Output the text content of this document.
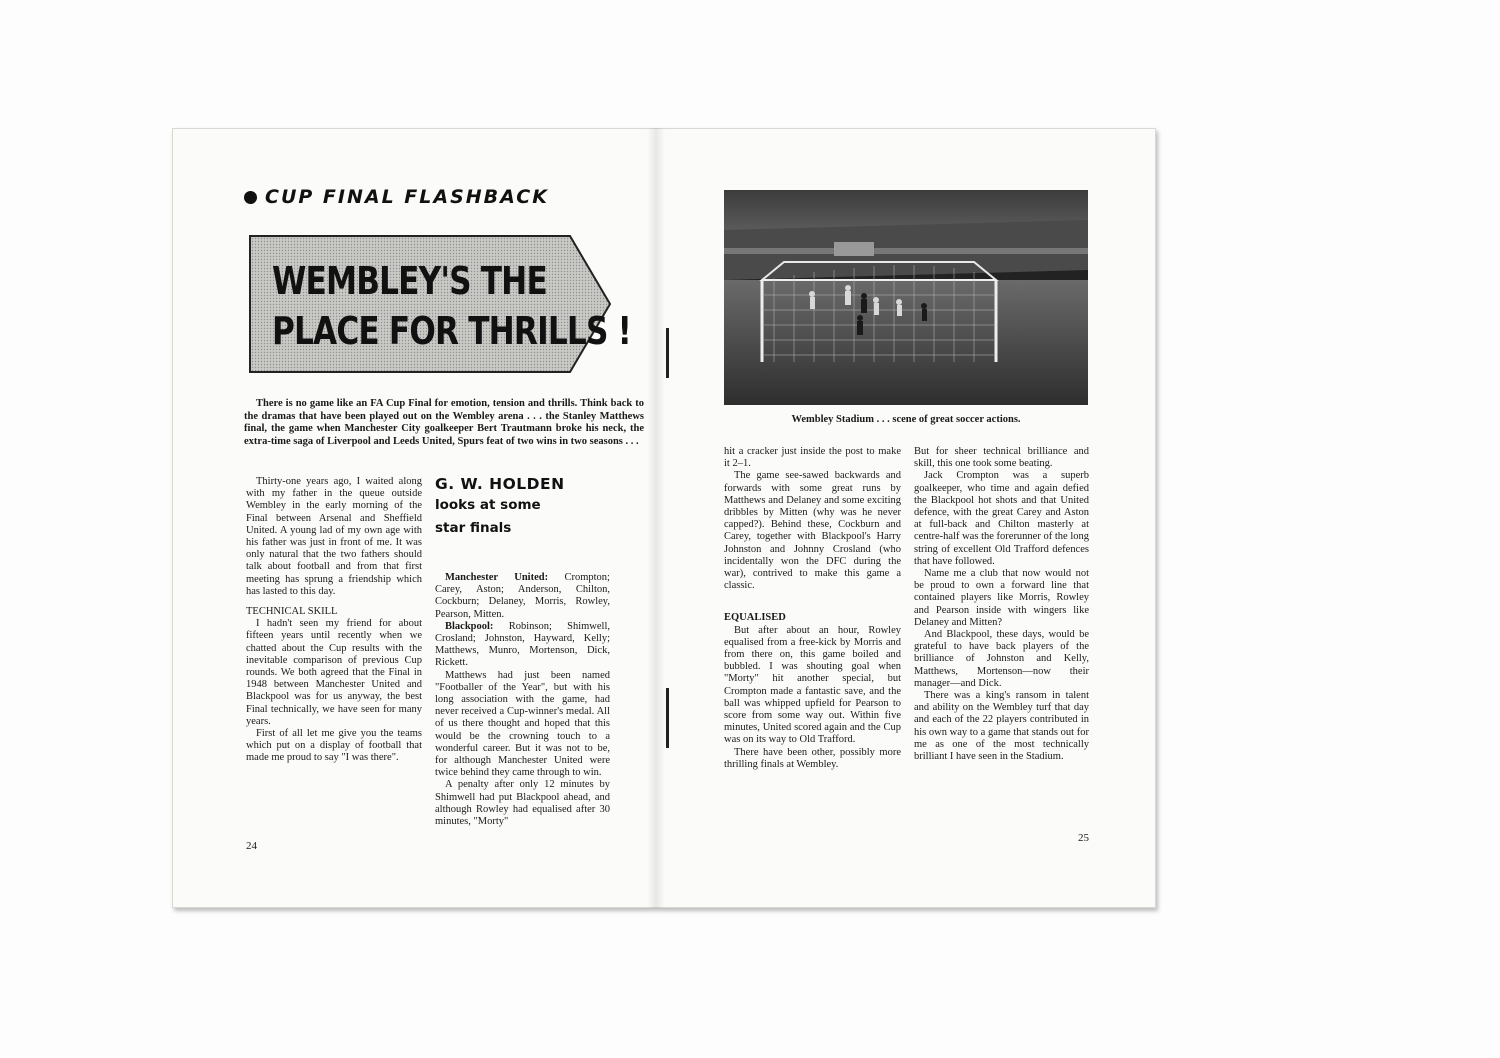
CUP FINAL FLASHBACK
WEMBLEY'S THE
PLACE FOR THRILLS !
There is no game like an FA Cup Final for emotion, tension and thrills. Think back to the dramas that have been played out on the Wembley arena . . . the Stanley Matthews final, the game when Manchester City goalkeeper Bert Trautmann broke his neck, the extra-time saga of Liverpool and Leeds United, Spurs feat of two wins in two seasons . . .
G. W. HOLDEN
looks at some
star finals

Thirty-one years ago, I waited along with my father in the queue outside Wembley in the early morning of the Final between Arsenal and Sheffield United. A young lad of my own age with his father was just in front of me. It was only natural that the two fathers should talk about football and from that first meeting has sprung a friendship which has lasted to this day.

TECHNICAL SKILL

I hadn't seen my friend for about fifteen years until recently when we chatted about the Cup results with the inevitable comparison of previous Cup rounds. We both agreed that the Final in 1948 between Manchester United and Blackpool was for us anyway, the best Final technically, we have seen for many years.

First of all let me give you the teams which put on a display of football that made me proud to say "I was there".

Manchester United: Crompton; Carey, Aston; Anderson, Chilton, Cockburn; Delaney, Morris, Rowley, Pearson, Mitten.

Blackpool: Robinson; Shimwell, Crosland; Johnston, Hayward, Kelly; Matthews, Munro, Mortenson, Dick, Rickett.

Matthews had just been named "Footballer of the Year", but with his long association with the game, had never received a Cup-winner's medal. All of us there thought and hoped that this would be the crowning touch to a wonderful career. But it was not to be, for although Manchester United were twice behind they came through to win.

A penalty after only 12 minutes by Shimwell had put Blackpool ahead, and although Rowley had equalised after 30 minutes, "Morty"

24
Wembley Stadium . . . scene of great soccer actions.

hit a cracker just inside the post to make it 2–1.

The game see-sawed backwards and forwards with some great runs by Matthews and Delaney and some exciting dribbles by Mitten (why was he never capped?). Behind these, Cockburn and Carey, together with Blackpool's Harry Johnston and Johnny Crosland (who incidentally won the DFC during the war), contrived to make this game a classic.

EQUALISED

But after about an hour, Rowley equalised from a free-kick by Morris and from there on, this game boiled and bubbled. I was shouting goal when "Morty" hit another special, but Crompton made a fantastic save, and the ball was whipped upfield for Pearson to score from some way out. Within five minutes, United scored again and the Cup was on its way to Old Trafford.

There have been other, possibly more thrilling finals at Wembley.

But for sheer technical brilliance and skill, this one took some beating.

Jack Crompton was a superb goalkeeper, who time and again defied the Blackpool hot shots and that United defence, with the great Carey and Aston at full-back and Chilton masterly at centre-half was the forerunner of the long string of excellent Old Trafford defences that have followed.

Name me a club that now would not be proud to own a forward line that contained players like Morris, Rowley and Pearson inside with wingers like Delaney and Mitten?

And Blackpool, these days, would be grateful to have back players of the brilliance of Johnston and Kelly, Matthews, Mortenson—now their manager—and Dick.

There was a king's ransom in talent and ability on the Wembley turf that day and each of the 22 players contributed in his own way to a game that stands out for me as one of the most technically brilliant I have seen in the Stadium.

25
